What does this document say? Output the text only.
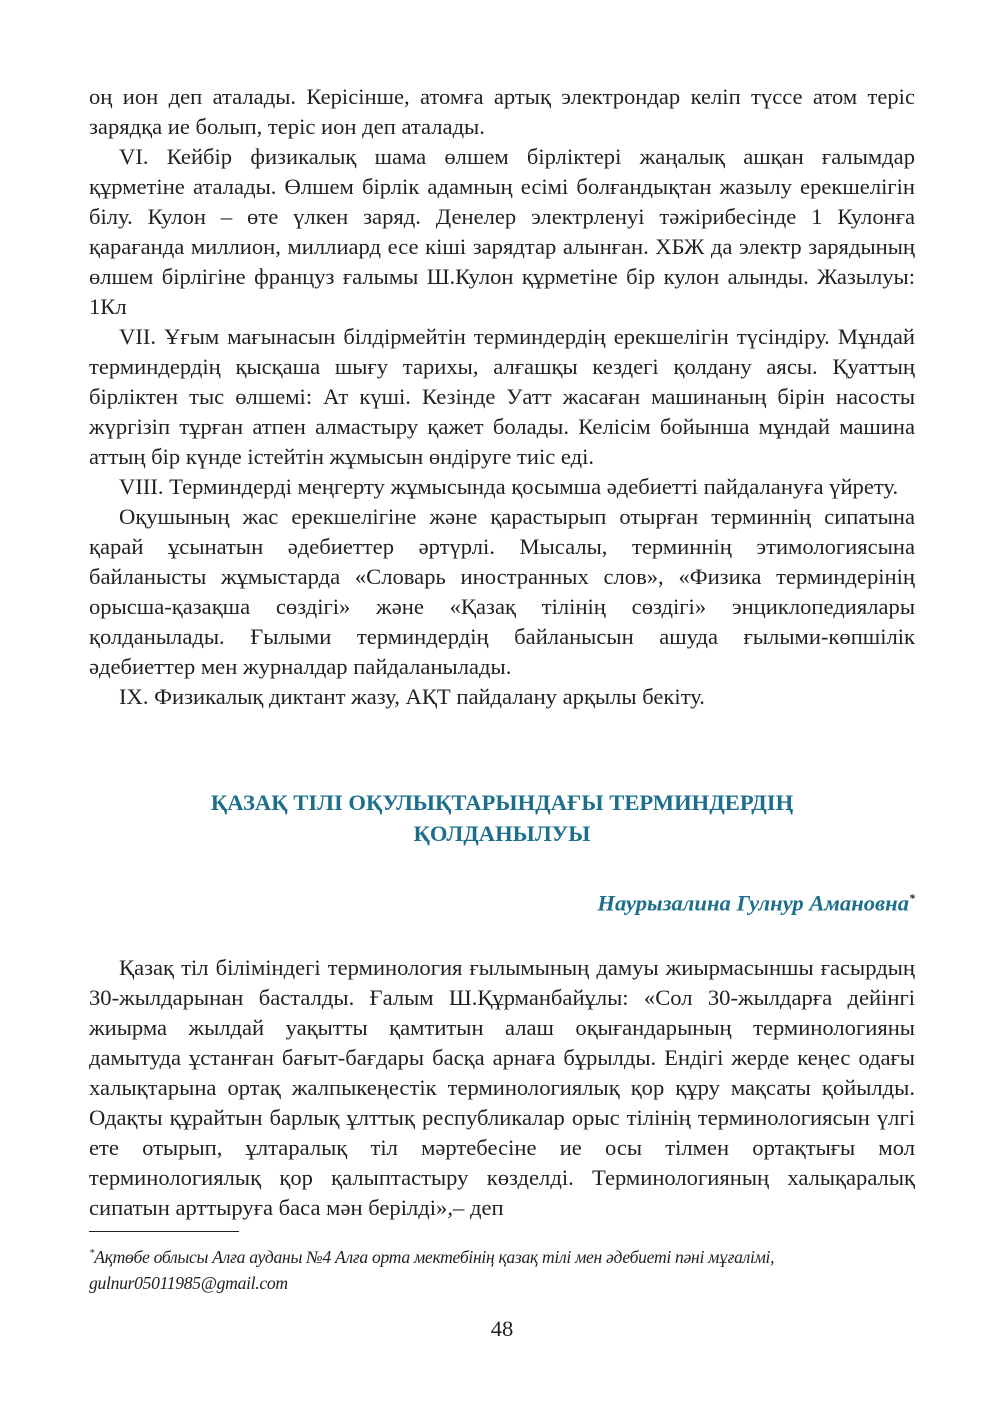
оң ион деп аталады. Керісінше, атомға артық электрондар келіп түссе атом теріс зарядқа ие болып, теріс ион деп аталады.

VI. Кейбір физикалық шама өлшем бірліктері жаңалық ашқан ғалымдар құрметіне аталады. Өлшем бірлік адамның есімі болғандықтан жазылу ерекшелігін білу. Кулон – өте үлкен заряд. Денелер электрленуі тәжірибесінде 1 Кулонға қарағанда миллион, миллиард есе кіші зарядтар алынған. ХБЖ да электр зарядының өлшем бірлігіне француз ғалымы Ш.Кулон құрметіне бір кулон алынды. Жазылуы: 1Кл

VII. Ұғым мағынасын білдірмейтін терминдердің ерекшелігін түсіндіру. Мұндай терминдердің қысқаша шығу тарихы, алғашқы кездегі қолдану аясы. Қуаттың бірліктен тыс өлшемі: Ат күші. Кезінде Уатт жасаған машинаның бірін насосты жүргізіп тұрған атпен алмастыру қажет болады. Келісім бойынша мұндай машина аттың бір күнде істейтін жұмысын өндіруге тиіс еді.

VIII. Терминдерді меңгерту жұмысында қосымша әдебиетті пайдалануға үйрету.

Оқушының жас ерекшелігіне және қарастырып отырған терминнің сипатына қарай ұсынатын әдебиеттер әртүрлі. Мысалы, терминнің этимологиясына байланысты жұмыстарда «Словарь иностранных слов», «Физика терминдерінің орысша-қазақша сөздігі» және «Қазақ тілінің сөздігі» энциклопедиялары қолданылады. Ғылыми терминдердің байланысын ашуда ғылыми-көпшілік әдебиеттер мен журналдар пайдаланылады.

IX. Физикалық диктант жазу, АҚТ пайдалану арқылы бекіту.

ҚАЗАҚ ТІЛІ ОҚУЛЫҚТАРЫНДАҒЫ ТЕРМИНДЕРДІҢ
ҚОЛДАНЫЛУЫ

Наурызалина Гулнур Амановна*

Қазақ тіл біліміндегі терминология ғылымының дамуы жиырмасыншы ғасырдың 30-жылдарынан басталды. Ғалым Ш.Құрманбайұлы: «Сол 30-жылдарға дейінгі жиырма жылдай уақытты қамтитын алаш оқығандарының терминологияны дамытуда ұстанған бағыт-бағдары басқа арнаға бұрылды. Ендігі жерде кеңес одағы халықтарына ортақ жалпыкеңестік терминологиялық қор құру мақсаты қойылды. Одақты құрайтын барлық ұлттық республикалар орыс тілінің терминологиясын үлгі ете отырып, ұлтаралық тіл мәртебесіне ие осы тілмен ортақтығы мол терминологиялық қор қалыптастыру көзделді. Терминологияның халықаралық сипатын арттыруға баса мән берілді»,– деп

*Ақтөбе облысы Алға ауданы №4 Алға орта мектебінің қазақ тілі мен әдебиеті пәні мұғалімі,
gulnur05011985@gmail.com
48
